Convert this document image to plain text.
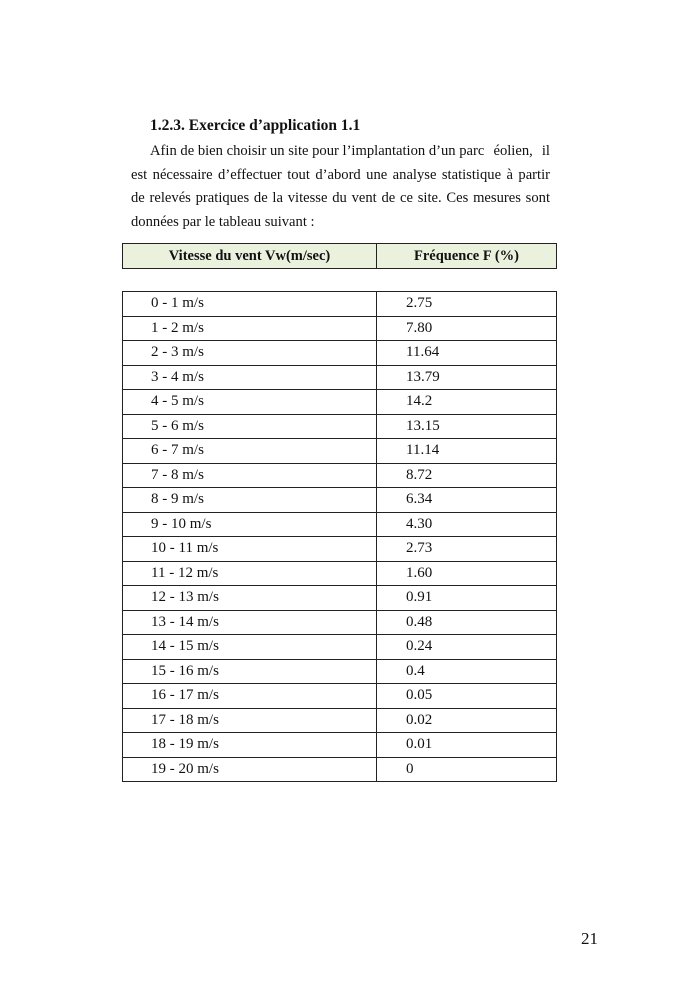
1.2.3. Exercice d’application 1.1

Afin de bien choisir un site pour l’implantation d’un parc éolien, il est nécessaire d’effectuer tout d’abord une analyse statistique à partir de relevés pratiques de la vitesse du vent de ce site. Ces mesures sont données par le tableau suivant :

Vitesse du vent Vw(m/sec)	Fréquence F (%)
0 - 1 m/s	2.75
1 - 2 m/s	7.80
2 - 3 m/s	11.64
3 - 4 m/s	13.79
4 - 5 m/s	14.2
5 - 6 m/s	13.15
6 - 7 m/s	11.14
7 - 8 m/s	8.72
8 - 9 m/s	6.34
9 - 10 m/s	4.30
10 - 11 m/s	2.73
11 - 12 m/s	1.60
12 - 13 m/s	0.91
13 - 14 m/s	0.48
14 - 15 m/s	0.24
15 - 16 m/s	0.4
16 - 17 m/s	0.05
17 - 18 m/s	0.02
18 - 19 m/s	0.01
19 - 20 m/s	0
21
